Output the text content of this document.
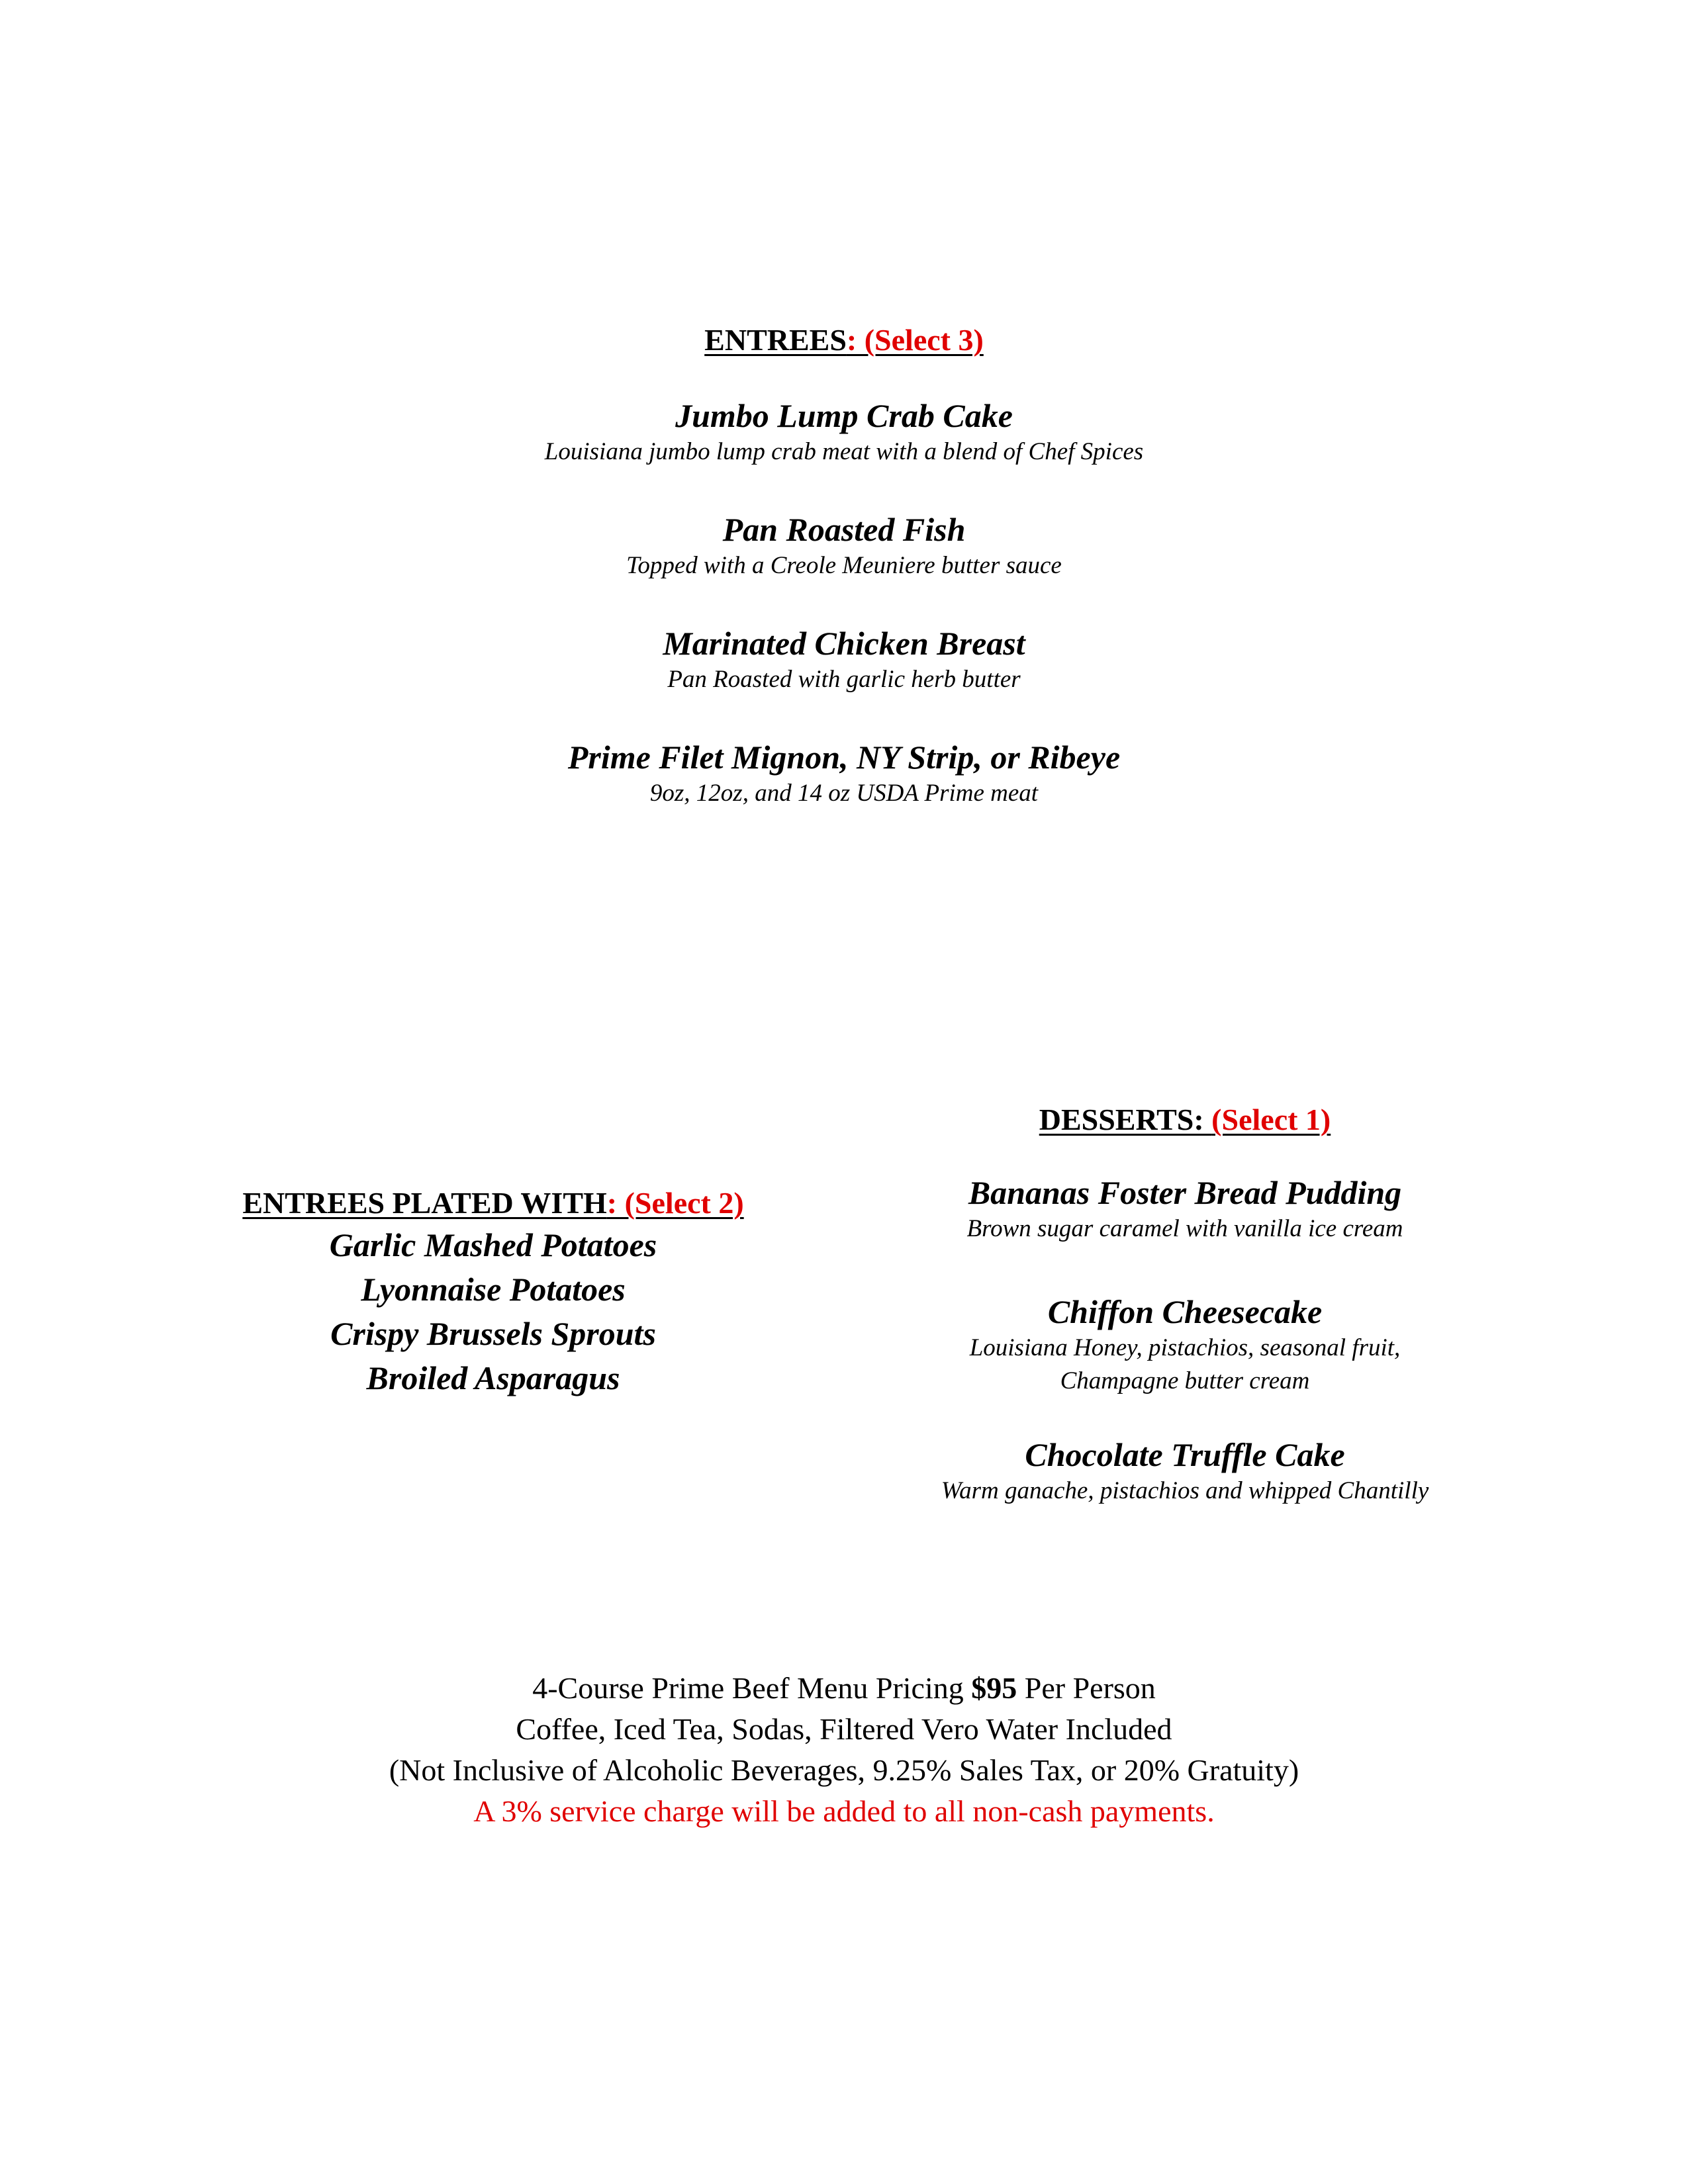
ENTREES: (Select 3)
Jumbo Lump Crab Cake
Louisiana jumbo lump crab meat with a blend of Chef Spices
Pan Roasted Fish
Topped with a Creole Meuniere butter sauce
Marinated Chicken Breast
Pan Roasted with garlic herb butter
Prime Filet Mignon, NY Strip, or Ribeye
9oz, 12oz, and 14 oz USDA Prime meat
ENTREES PLATED WITH: (Select 2)
Garlic Mashed Potatoes
Lyonnaise Potatoes
Crispy Brussels Sprouts
Broiled Asparagus
DESSERTS: (Select 1)
Bananas Foster Bread Pudding
Brown sugar caramel with vanilla ice cream
Chiffon Cheesecake
Louisiana Honey, pistachios, seasonal fruit,
Champagne butter cream
Chocolate Truffle Cake
Warm ganache, pistachios and whipped Chantilly
4-Course Prime Beef Menu Pricing $95 Per Person
Coffee, Iced Tea, Sodas, Filtered Vero Water Included
(Not Inclusive of Alcoholic Beverages, 9.25% Sales Tax, or 20% Gratuity)
A 3% service charge will be added to all non-cash payments.
